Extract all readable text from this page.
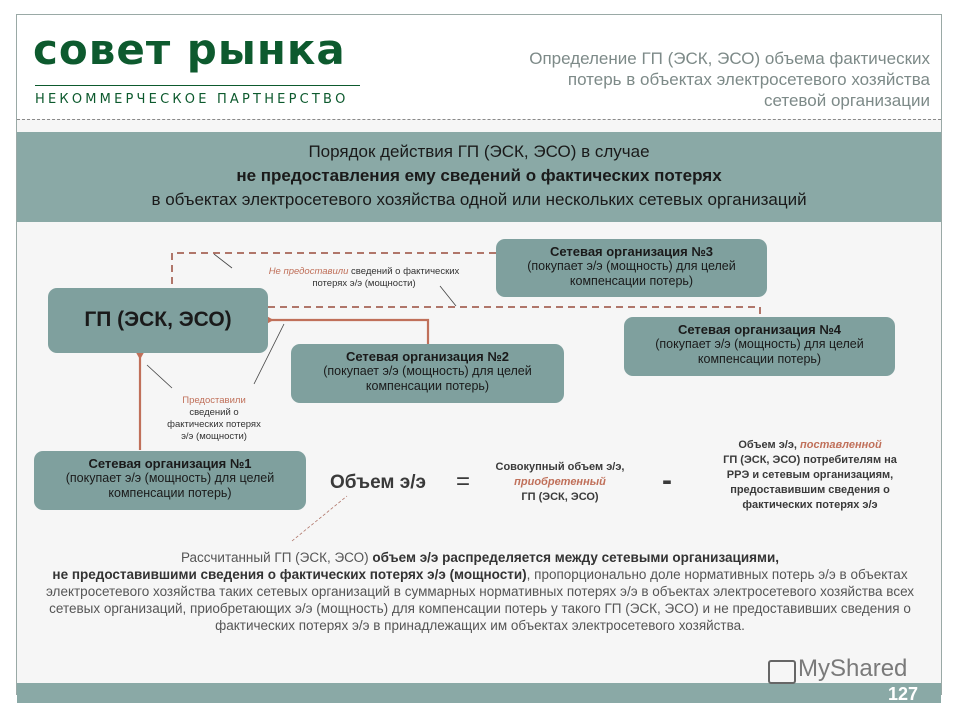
совет рынка
НЕКОММЕРЧЕСКОЕ ПАРТНЕРСТВО
Определение ГП (ЭСК, ЭСО) объема фактических
потерь в объектах электросетевого хозяйства
сетевой организации
Порядок действия ГП (ЭСК, ЭСО) в случае
не предоставления ему сведений о фактических потерях
в объектах электросетевого хозяйства одной или нескольких сетевых организаций
ГП (ЭСК, ЭСО)
Сетевая организация №3
(покупает э/э (мощность) для целей
компенсации потерь)
Сетевая организация №4
(покупает э/э (мощность) для целей
компенсации потерь)
Сетевая организация №2
(покупает э/э (мощность) для целей
компенсации потерь)
Сетевая организация №1
(покупает э/э (мощность) для целей
компенсации потерь)
Не предоставили сведений о фактических
потерях э/э (мощности)
Предоставили
сведений о
фактических потерях
э/э (мощности)
Объем э/э =
Совокупный объем э/э,
приобретенный
ГП (ЭСК, ЭСО)	-
Объем э/э, поставленной
ГП (ЭСК, ЭСО) потребителям на
РРЭ и сетевым организациям,
предоставившим сведения о
фактических потерях э/э
Рассчитанный ГП (ЭСК, ЭСО) объем э/э распределяется между сетевыми организациями,
не предоставившими сведения о фактических потерях э/э (мощности), пропорционально доле нормативных потерь э/э в объектах электросетевого хозяйства таких сетевых организаций в суммарных нормативных потерях э/э в объектах электросетевого хозяйства всех сетевых организаций, приобретающих э/э (мощность) для компенсации потерь у такого ГП (ЭСК, ЭСО) и не предоставивших сведения о фактических потерях э/э в принадлежащих им объектах электросетевого хозяйства.
MyShared
127
